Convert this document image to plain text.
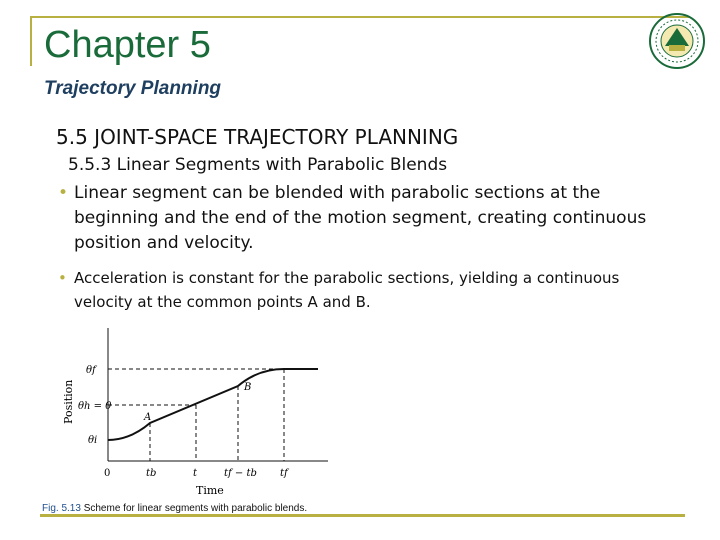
Chapter 5
Trajectory Planning
5.5 JOINT-SPACE TRAJECTORY PLANNING
5.5.3 Linear Segments with Parabolic Blends
• Linear segment can be blended with parabolic sections at the beginning and the end of the motion segment, creating continuous position and velocity.
• Acceleration is constant for the parabolic sections, yielding a continuous velocity at the common points A and B.
θf
θh = θ
θi
0	tb	t	tf − tb tf
A
B
Position
Time
Fig. 5.13 Scheme for linear segments with parabolic blends.
